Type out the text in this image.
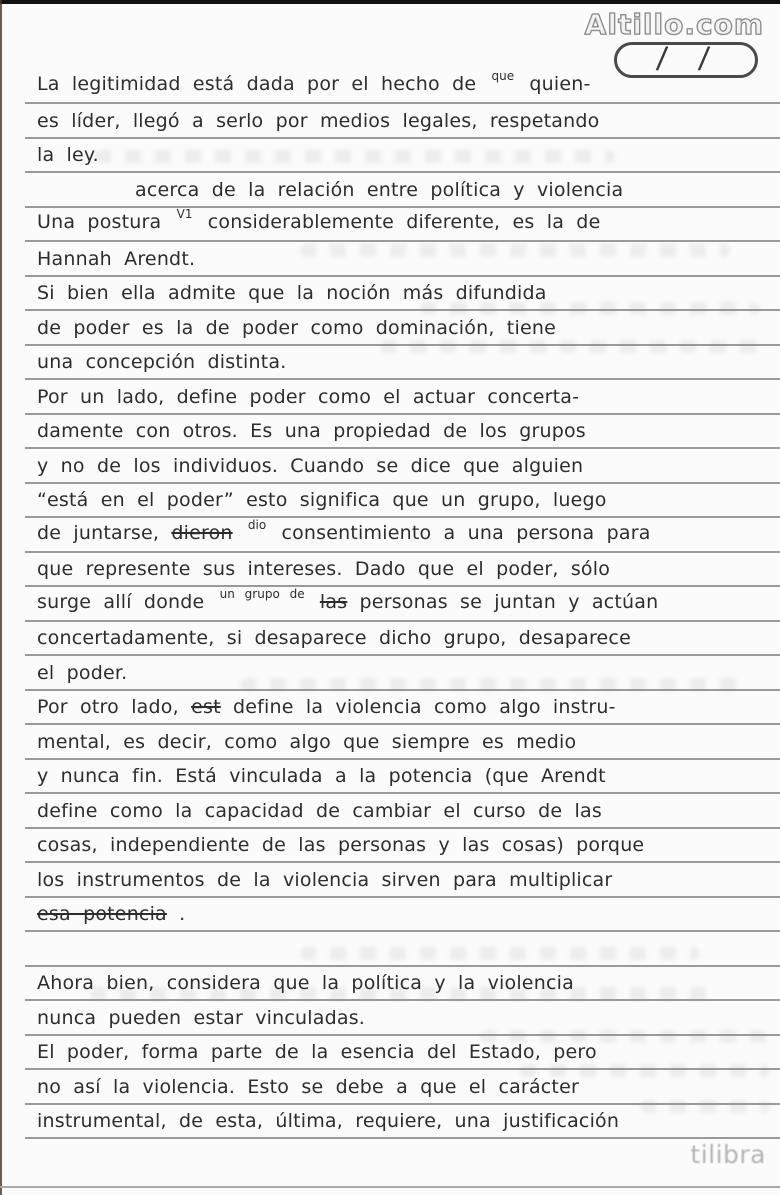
Altillo.com
/ /
La legitimidad está dada por el hecho de $^{que}$ quien-
es líder, llegó a serlo por medios legales, respetando
la ley.
acerca de la relación entre política y violencia
Una postura $^{V1}$ considerablemente diferente, es la de
Hannah Arendt.
Si bien ella admite que la noción más difundida
de poder es la de poder como dominación, tiene
una concepción distinta.
Por un lado, define poder como el actuar concerta-
damente con otros. Es una propiedad de los grupos
y no de los individuos. Cuando se dice que alguien
“está en el poder” esto significa que un grupo, luego
de juntarse, dieron $^{dio}$ consentimiento a una persona para
que represente sus intereses. Dado que el poder, sólo
surge allí donde $^{un grupo de}$ las personas se juntan y actúan
concertadamente, si desaparece dicho grupo, desaparece
el poder.
Por otro lado, est define la violencia como algo instru-
mental, es decir, como algo que siempre es medio
y nunca fin. Está vinculada a la potencia (que Arendt
define como la capacidad de cambiar el curso de las
cosas, independiente de las personas y las cosas) porque
los instrumentos de la violencia sirven para multiplicar
esa potencia .
Ahora bien, considera que la política y la violencia
nunca pueden estar vinculadas.
El poder, forma parte de la esencia del Estado, pero
no así la violencia. Esto se debe a que el carácter
instrumental, de esta, última, requiere, una justificación
tilibra
